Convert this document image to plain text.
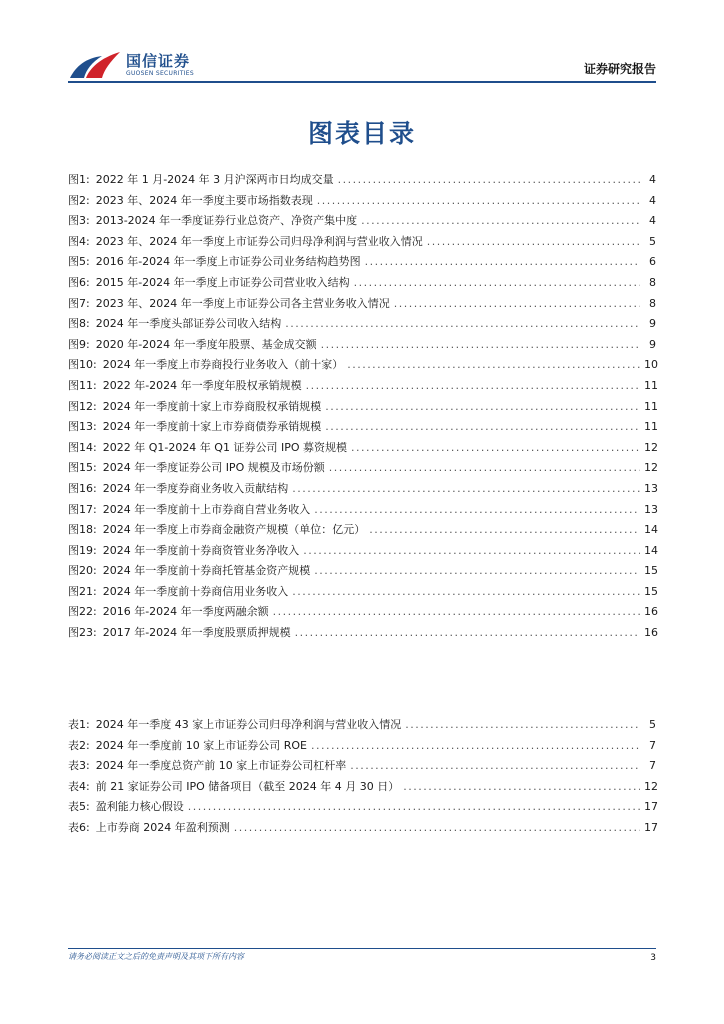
国信证券
GUOSEN SECURITIES	证券研究报告
图表目录
图1: 2022 年 1 月-2024 年 3 月沪深两市日均成交量 .....	4
图2: 2023 年、2024 年一季度主要市场指数表现 .....	4
图3: 2013-2024 年一季度证券行业总资产、净资产集中度 .....	4
图4: 2023 年、2024 年一季度上市证券公司归母净利润与营业收入情况 .....	5
图5: 2016 年-2024 年一季度上市证券公司业务结构趋势图 .....	6
图6: 2015 年-2024 年一季度上市证券公司营业收入结构 .....	8
图7: 2023 年、2024 年一季度上市证券公司各主营业务收入情况 .....	8
图8: 2024 年一季度头部证券公司收入结构 .....	9
图9: 2020 年-2024 年一季度年股票、基金成交额 .....	9
图10: 2024 年一季度上市券商投行业务收入（前十家） .....	10
图11: 2022 年-2024 年一季度年股权承销规模 .....	11
图12: 2024 年一季度前十家上市券商股权承销规模 .....	11
图13: 2024 年一季度前十家上市券商债券承销规模 .....	11
图14: 2022 年 Q1-2024 年 Q1 证券公司 IPO 募资规模 .....	12
图15: 2024 年一季度证券公司 IPO 规模及市场份额 .....	12
图16: 2024 年一季度券商业务收入贡献结构 .....	13
图17: 2024 年一季度前十上市券商自营业务收入 .....	13
图18: 2024 年一季度上市券商金融资产规模（单位：亿元） .....	14
图19: 2024 年一季度前十券商资管业务净收入 .....	14
图20: 2024 年一季度前十券商托管基金资产规模 .....	15
图21: 2024 年一季度前十券商信用业务收入 .....	15
图22: 2016 年-2024 年一季度两融余额 .....	16
图23: 2017 年-2024 年一季度股票质押规模 .....	16
表1: 2024 年一季度 43 家上市证券公司归母净利润与营业收入情况 .....	5
表2: 2024 年一季度前 10 家上市证券公司 ROE .....	7
表3: 2024 年一季度总资产前 10 家上市证券公司杠杆率 .....	7
表4: 前 21 家证券公司 IPO 储备项目（截至 2024 年 4 月 30 日） .....	12
表5: 盈利能力核心假设 .....	17
表6: 上市券商 2024 年盈利预测 .....	17
请务必阅读正文之后的免责声明及其项下所有内容	3
